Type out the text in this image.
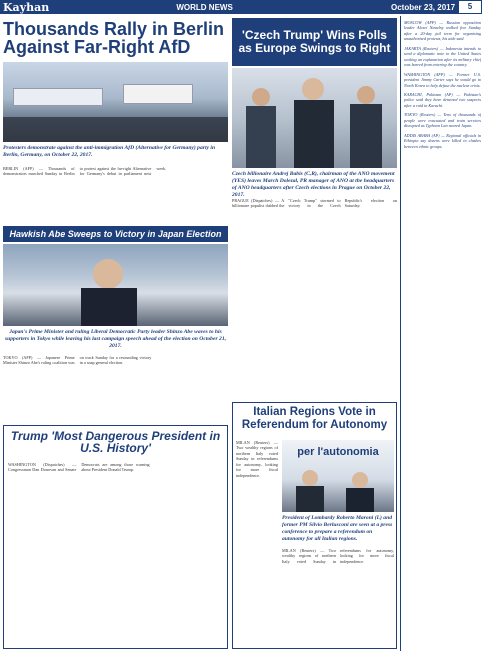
Kayhan	WORLD NEWS	October 23, 2017	5
Thousands Rally in Berlin Against Far-Right AfD
Protesters demonstrate against the anti-immigration AfD (Alternative for Germany) party in Berlin, Germany, on October 22, 2017.
BERLIN (AFP) — Thousands of demonstrators marched Sunday in Berlin to protest against the far-right Alternative for Germany's debut in parliament next week.
Hawkish Abe Sweeps to Victory in Japan Election
Japan's Prime Minister and ruling Liberal Democratic Party leader Shinzo Abe waves to his supporters in Tokyo while leaving his last campaign speech ahead of the election on October 21, 2017.
TOKYO (AFP) — Japanese Prime Minister Shinzo Abe's ruling coalition was on track Sunday for a resounding victory in a snap general election.
Trump 'Most Dangerous President in U.S. History'
WASHINGTON (Dispatches) — Congressman Dan Donovan and Senate Democrats are among those warning about President Donald Trump.
'Czech Trump' Wins Polls as Europe Swings to Right
Czech billionaire Andrej Babis (C,R), chairman of the ANO movement (YES) leaves March Dolezal, PR manager of ANO at the headquarters of ANO headquarters after Czech elections in Prague on October 22, 2017.
PRAGUE (Dispatches) — A billionaire populist dubbed the "Czech Trump" stormed to victory in the Czech Republic's election on Saturday.
Italian Regions Vote in Referendum for Autonomy
MILAN (Reuters) — Two wealthy regions of northern Italy voted Sunday in referendums for autonomy, looking for more fiscal independence.
per l'autonomia
President of Lombardy Roberto Maroni (L) and former PM Silvio Berlusconi are seen at a press conference to prepare a referendum on autonomy for all Italian regions.
MILAN (Reuters) — Two wealthy regions of northern Italy voted Sunday in referendums for autonomy, looking for more fiscal independence.
MOSCOW (AFP) — Russian opposition leader Alexei Navalny walked free Sunday after a 20-day jail term for organising unauthorised protests, his aide said.
JAKARTA (Reuters) — Indonesia intends to send a diplomatic note to the United States seeking an explanation after its military chief was barred from entering the country.
WASHINGTON (AFP) — Former U.S. president Jimmy Carter says he would go to North Korea to help defuse the nuclear crisis.
KARACHI, Pakistan (AP) — Pakistan's police said they have detained two suspects after a raid in Karachi.
TOKYO (Reuters) — Tens of thousands of people were evacuated and train services disrupted as Typhoon Lan neared Japan.
ADDIS ABABA (AP) — Regional officials in Ethiopia say dozens were killed in clashes between ethnic groups.
